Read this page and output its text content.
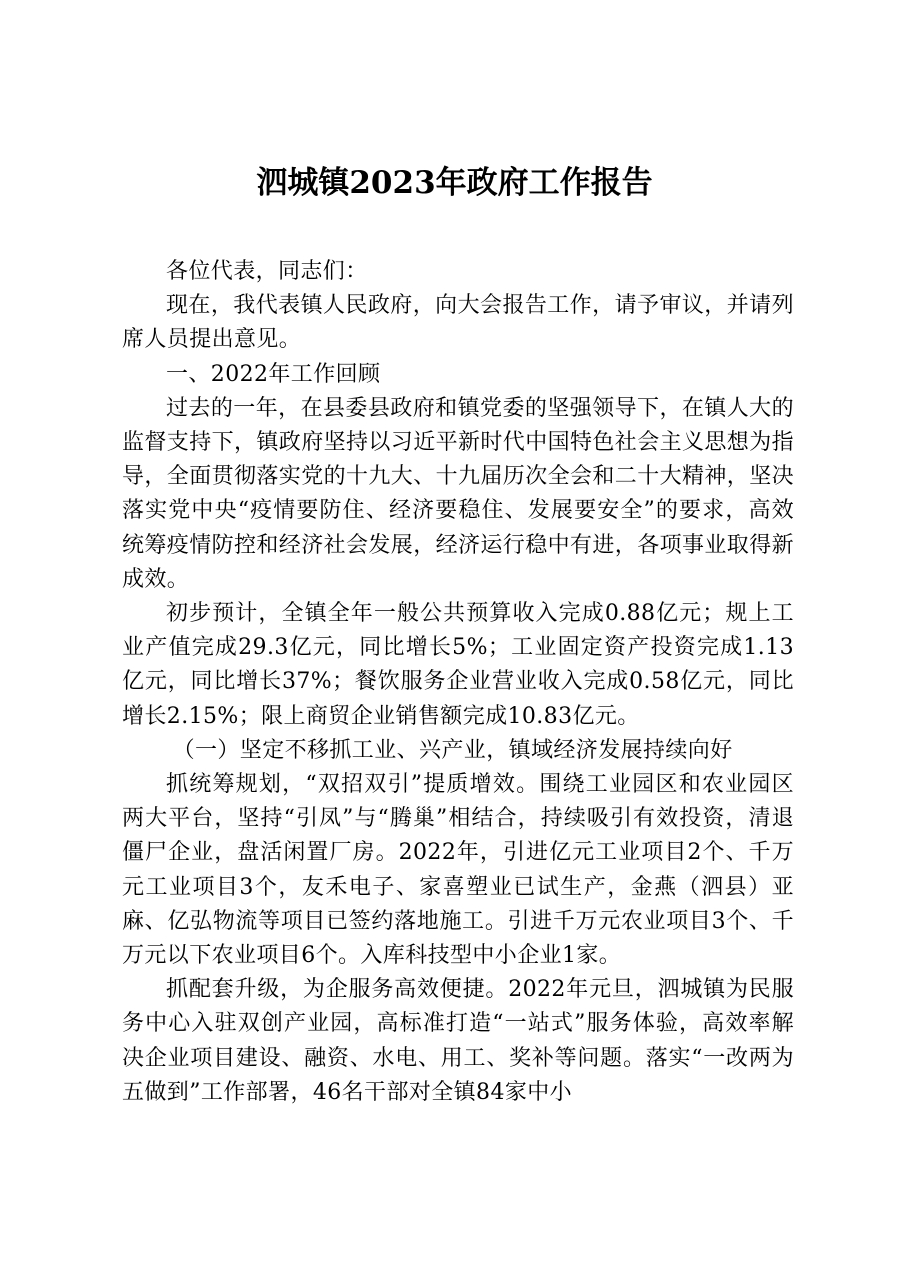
泗城镇2023年政府工作报告

各位代表，同志们：

现在，我代表镇人民政府，向大会报告工作，请予审议，并请列席人员提出意见。

一、2022年工作回顾

过去的一年，在县委县政府和镇党委的坚强领导下，在镇人大的监督支持下，镇政府坚持以习近平新时代中国特色社会主义思想为指导，全面贯彻落实党的十九大、十九届历次全会和二十大精神，坚决落实党中央“疫情要防住、经济要稳住、发展要安全”的要求，高效统筹疫情防控和经济社会发展，经济运行稳中有进，各项事业取得新成效。

初步预计，全镇全年一般公共预算收入完成0.88亿元；规上工业产值完成29.3亿元，同比增长5%；工业固定资产投资完成1.13亿元，同比增长37%；餐饮服务企业营业收入完成0.58亿元，同比增长2.15%；限上商贸企业销售额完成10.83亿元。

（一）坚定不移抓工业、兴产业，镇域经济发展持续向好

抓统筹规划，“双招双引”提质增效。围绕工业园区和农业园区两大平台，坚持“引凤”与“腾巢”相结合，持续吸引有效投资，清退僵尸企业，盘活闲置厂房。2022年，引进亿元工业项目2个、千万元工业项目3个，友禾电子、家喜塑业已试生产，金燕（泗县）亚麻、亿弘物流等项目已签约落地施工。引进千万元农业项目3个、千万元以下农业项目6个。入库科技型中小企业1家。

抓配套升级，为企服务高效便捷。2022年元旦，泗城镇为民服务中心入驻双创产业园，高标准打造“一站式”服务体验，高效率解决企业项目建设、融资、水电、用工、奖补等问题。落实“一改两为五做到”工作部署，46名干部对全镇84家中小
